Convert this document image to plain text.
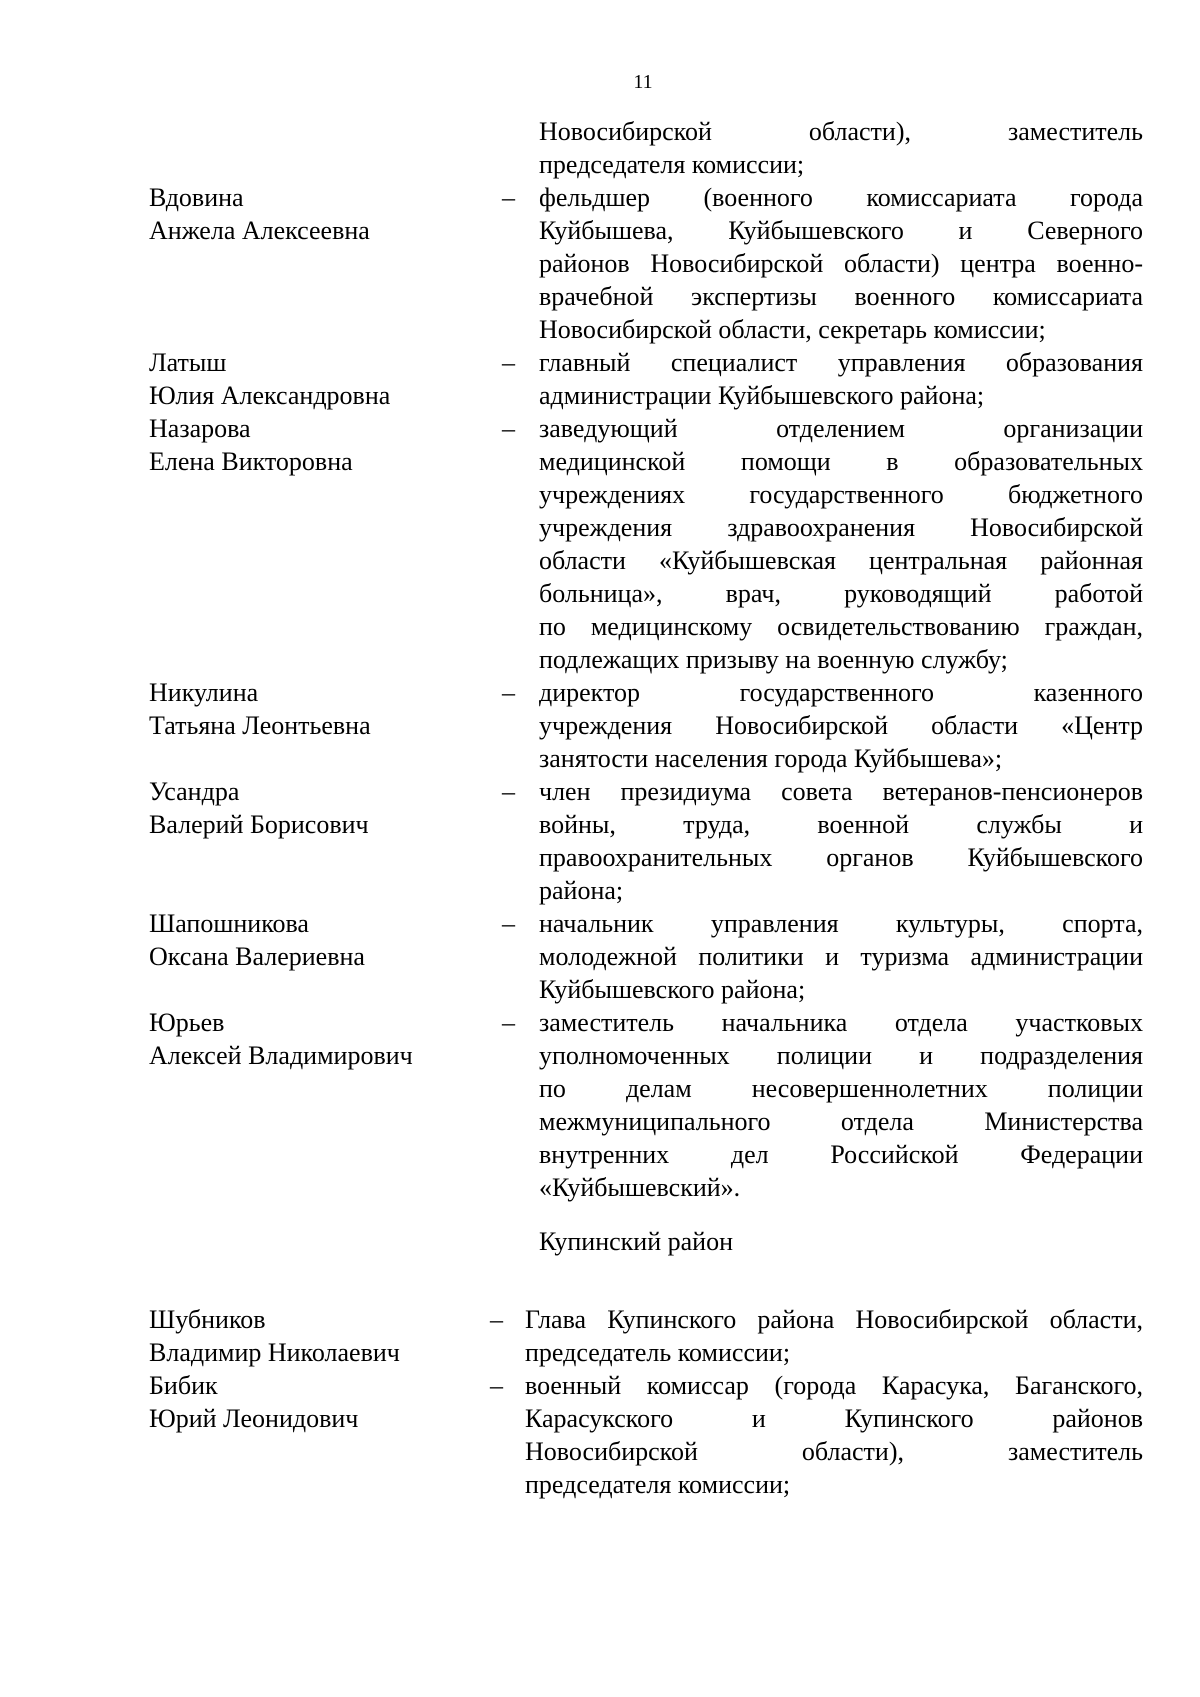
11
Новосибирской области), заместитель
председателя комиссии;
Вдовина
Анжела Алексеевна
– фельдшер (военного комиссариата города
Куйбышева, Куйбышевского и Северного
районов Новосибирской области) центра военно-
врачебной экспертизы военного комиссариата
Новосибирской области, секретарь комиссии;
Латыш
Юлия Александровна
– главный специалист управления образования
администрации Куйбышевского района;
Назарова
Елена Викторовна
– заведующий отделением организации
медицинской помощи в образовательных
учреждениях государственного бюджетного
учреждения здравоохранения Новосибирской
области «Куйбышевская центральная районная
больница», врач, руководящий работой
по медицинскому освидетельствованию граждан,
подлежащих призыву на военную службу;
Никулина
Татьяна Леонтьевна
– директор государственного казенного
учреждения Новосибирской области «Центр
занятости населения города Куйбышева»;
Усандра
Валерий Борисович
– член президиума совета ветеранов-пенсионеров
войны, труда, военной службы и
правоохранительных органов Куйбышевского
района;
Шапошникова
Оксана Валериевна
– начальник управления культуры, спорта,
молодежной политики и туризма администрации
Куйбышевского района;
Юрьев
Алексей Владимирович
– заместитель начальника отдела участковых
уполномоченных полиции и подразделения
по делам несовершеннолетних полиции
межмуниципального отдела Министерства
внутренних дел Российской Федерации
«Куйбышевский».
Купинский район
Шубников
Владимир Николаевич
– Глава Купинского района Новосибирской области,
председатель комиссии;
Бибик
Юрий Леонидович
– военный комиссар (города Карасука, Баганского,
Карасукского и Купинского районов
Новосибирской области), заместитель
председателя комиссии;
